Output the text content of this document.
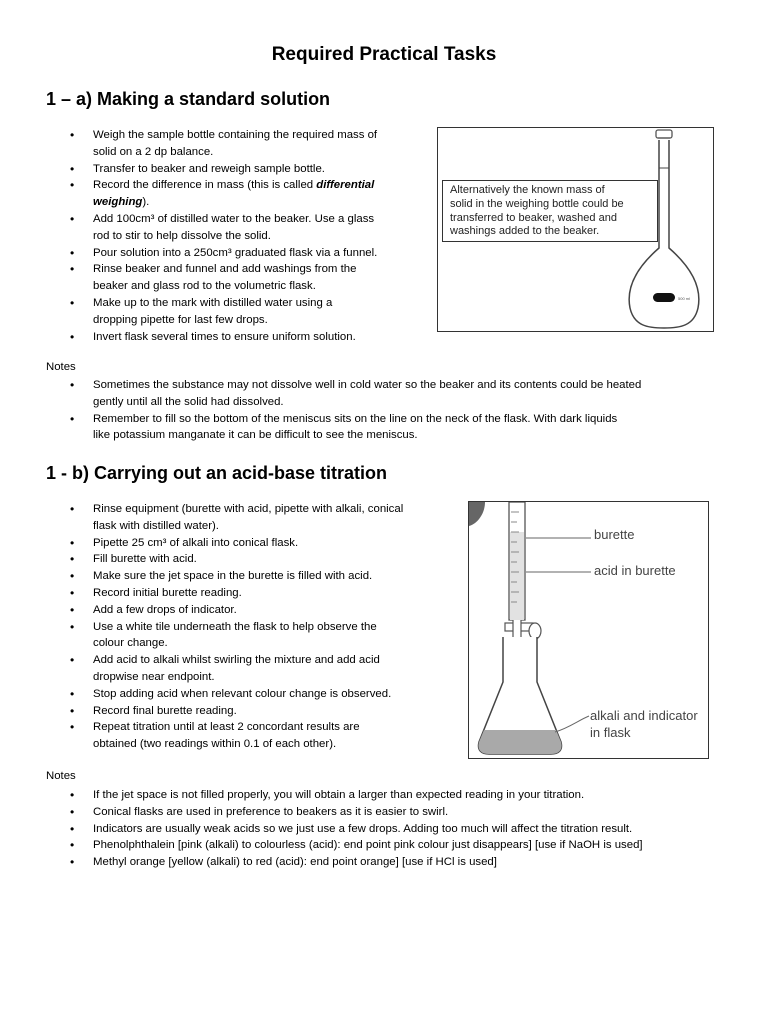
Required Practical Tasks
1 – a) Making a standard solution
• Weigh the sample bottle containing the required mass of
solid on a 2 dp balance.
• Transfer to beaker and reweigh sample bottle.
• Record the difference in mass (this is called differential
weighing).
• Add 100cm³ of distilled water to the beaker. Use a glass
rod to stir to help dissolve the solid.
• Pour solution into a 250cm³ graduated flask via a funnel.
• Rinse beaker and funnel and add washings from the
beaker and glass rod to the volumetric flask.
• Make up to the mark with distilled water using a
dropping pipette for last few drops.
• Invert flask several times to ensure uniform solution.
500 ml
Alternatively the known mass of
solid in the weighing bottle could be
transferred to beaker, washed and
washings added to the beaker.
Notes
• Sometimes the substance may not dissolve well in cold water so the beaker and its contents could be heated
gently until all the solid had dissolved.
• Remember to fill so the bottom of the meniscus sits on the line on the neck of the flask. With dark liquids
like potassium manganate it can be difficult to see the meniscus.
1 - b) Carrying out an acid-base titration
• Rinse equipment (burette with acid, pipette with alkali, conical
flask with distilled water).
• Pipette 25 cm³ of alkali into conical flask.
• Fill burette with acid.
• Make sure the jet space in the burette is filled with acid.
• Record initial burette reading.
• Add a few drops of indicator.
• Use a white tile underneath the flask to help observe the
colour change.
• Add acid to alkali whilst swirling the mixture and add acid
dropwise near endpoint.
• Stop adding acid when relevant colour change is observed.
• Record final burette reading.
• Repeat titration until at least 2 concordant results are
obtained (two readings within 0.1 of each other).
burette
acid in burette
alkali and indicator
in flask
Notes
• If the jet space is not filled properly, you will obtain a larger than expected reading in your titration.
• Conical flasks are used in preference to beakers as it is easier to swirl.
• Indicators are usually weak acids so we just use a few drops. Adding too much will affect the titration result.
• Phenolphthalein [pink (alkali) to colourless (acid): end point pink colour just disappears] [use if NaOH is used]
• Methyl orange [yellow (alkali) to red (acid): end point orange] [use if HCl is used]
